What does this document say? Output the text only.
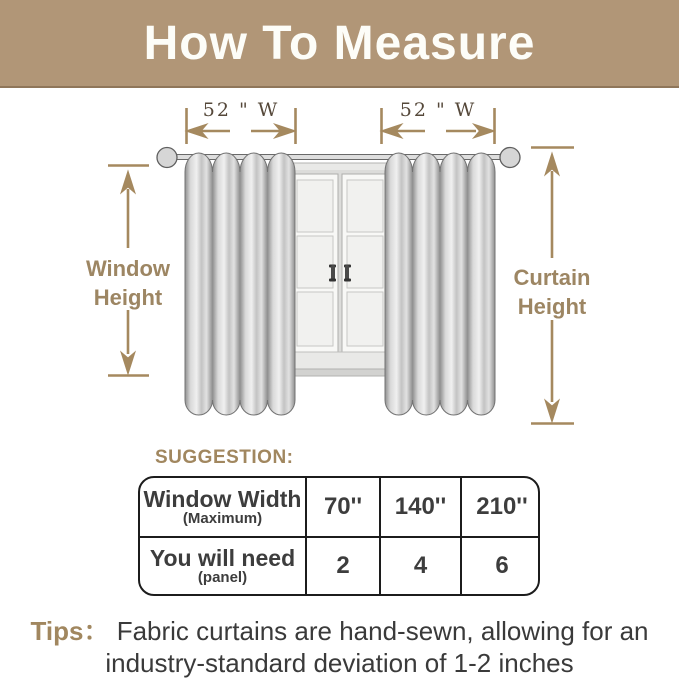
How To Measure
52 " W	52 " W
Window Height
Curtain Height
SUGGESTION:
Window Width
(Maximum)	70'' 140'' 210''
You will need
(panel)	2	4	6
Tips： Fabric curtains are hand-sewn, allowing for an industry-standard deviation of 1-2 inches
